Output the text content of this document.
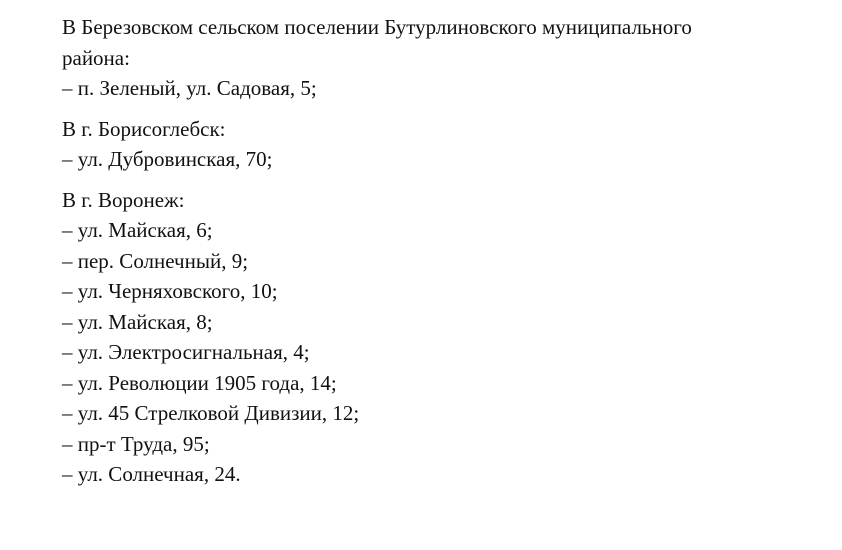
В Березовском сельском поселении Бутурлиновского муниципального
района:
– п. Зеленый, ул. Садовая, 5;
В г. Борисоглебск:
– ул. Дубровинская, 70;
В г. Воронеж:
– ул. Майская, 6;
– пер. Солнечный, 9;
– ул. Черняховского, 10;
– ул. Майская, 8;
– ул. Электросигнальная, 4;
– ул. Революции 1905 года, 14;
– ул. 45 Стрелковой Дивизии, 12;
– пр-т Труда, 95;
– ул. Солнечная, 24.
